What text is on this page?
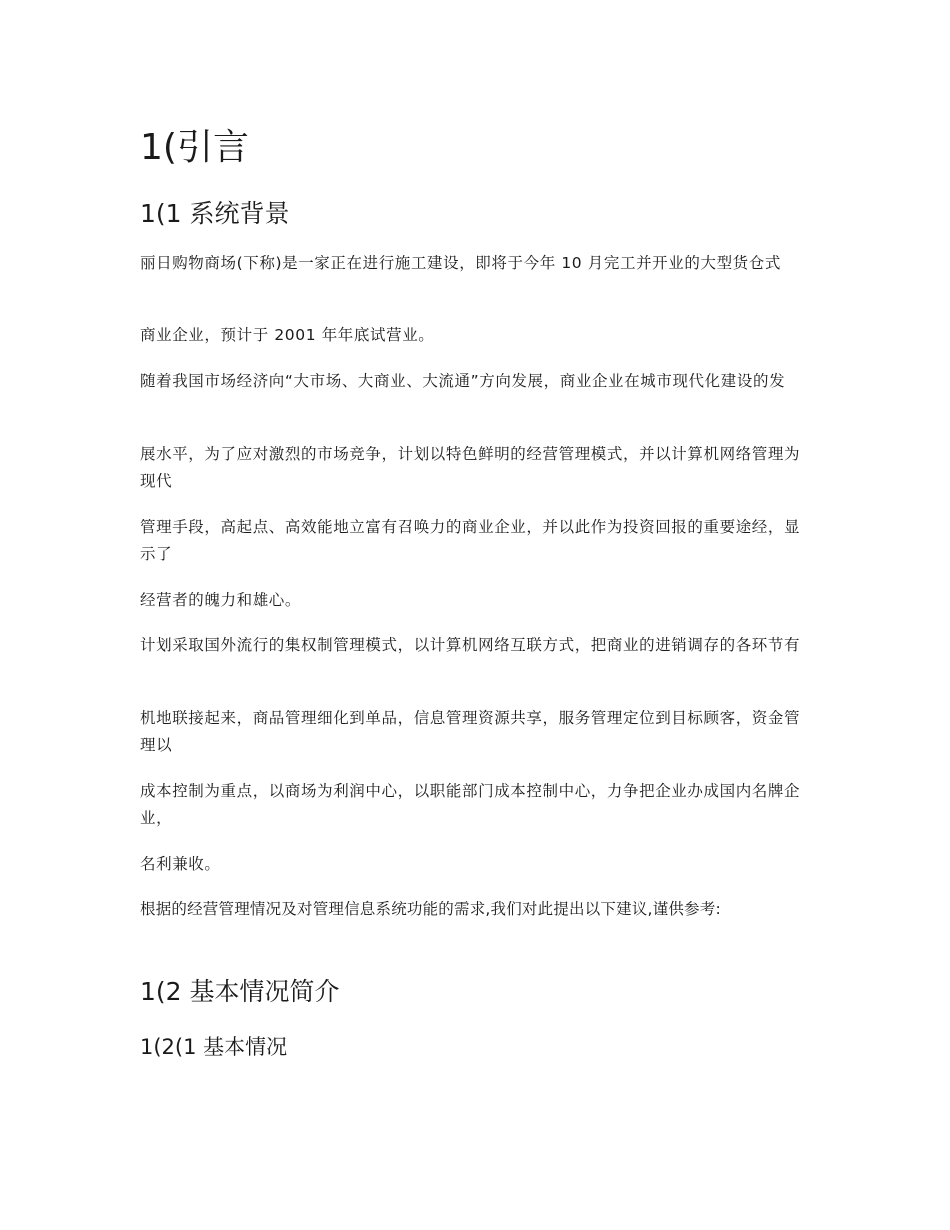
1(引言
1(1 系统背景

丽日购物商场(下称)是一家正在进行施工建设，即将于今年 10 月完工并开业的大型货仓式

商业企业，预计于 2001 年年底试营业。

随着我国市场经济向“大市场、大商业、大流通”方向发展，商业企业在城市现代化建设的发

展水平，为了应对激烈的市场竞争，计划以特色鲜明的经营管理模式，并以计算机网络管理为现代

管理手段，高起点、高效能地立富有召唤力的商业企业，并以此作为投资回报的重要途经，显示了

经营者的魄力和雄心。

计划采取国外流行的集权制管理模式，以计算机网络互联方式，把商业的进销调存的各环节有

机地联接起来，商品管理细化到单品，信息管理资源共享，服务管理定位到目标顾客，资金管理以

成本控制为重点，以商场为利润中心，以职能部门成本控制中心，力争把企业办成国内名牌企业，

名利兼收。

根据的经营管理情况及对管理信息系统功能的需求,我们对此提出以下建议,谨供参考:

1(2 基本情况简介
1(2(1 基本情况
